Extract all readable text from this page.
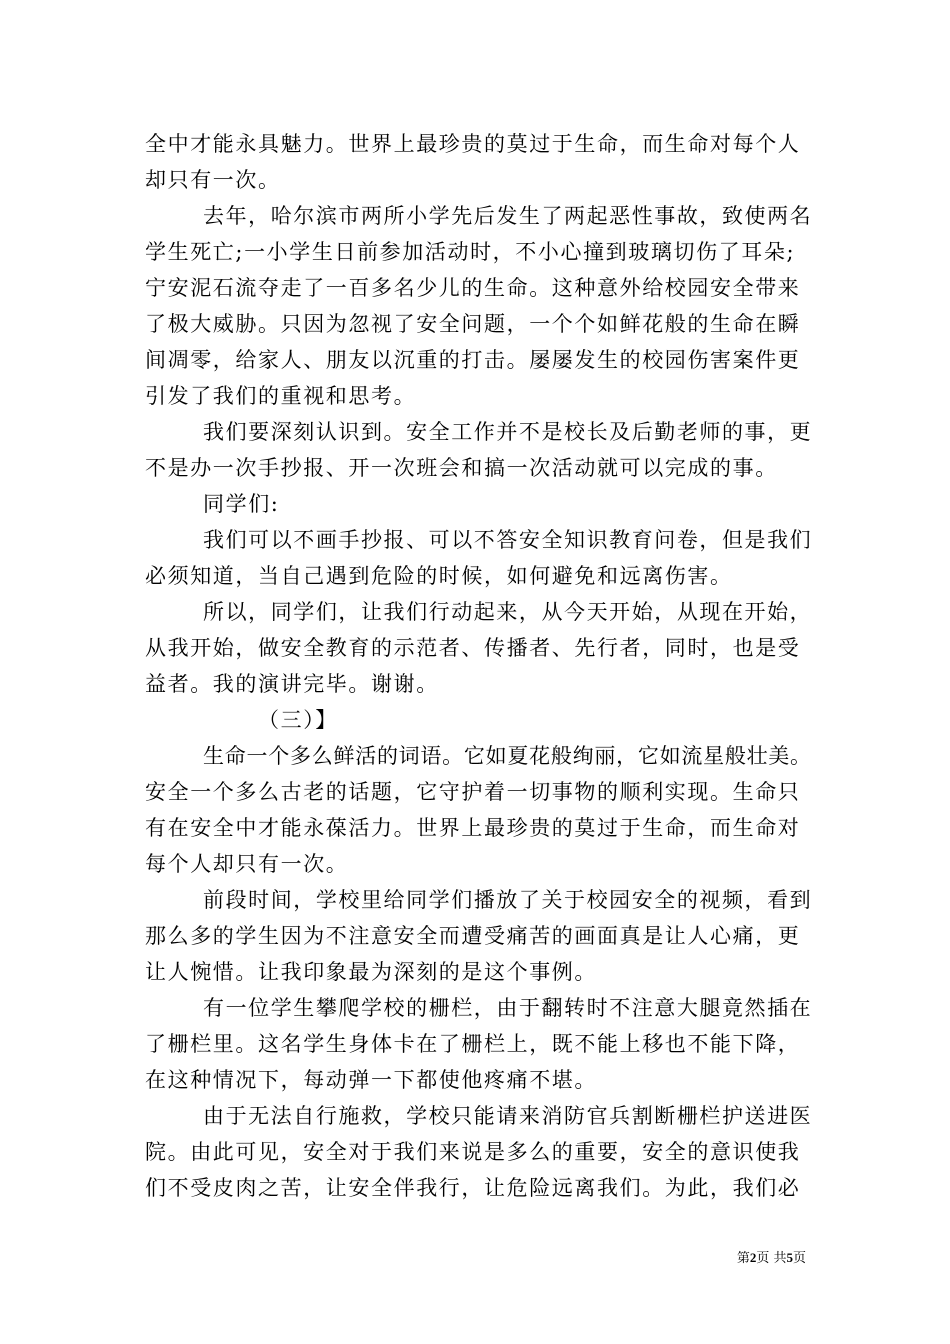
全中才能永具魅力。世界上最珍贵的莫过于生命，而生命对每个人
却只有一次。
去年，哈尔滨市两所小学先后发生了两起恶性事故，致使两名
学生死亡;一小学生日前参加活动时，不小心撞到玻璃切伤了耳朵;
宁安泥石流夺走了一百多名少儿的生命。这种意外给校园安全带来
了极大威胁。只因为忽视了安全问题，一个个如鲜花般的生命在瞬
间凋零，给家人、朋友以沉重的打击。屡屡发生的校园伤害案件更
引发了我们的重视和思考。
我们要深刻认识到。安全工作并不是校长及后勤老师的事，更
不是办一次手抄报、开一次班会和搞一次活动就可以完成的事。
同学们:
我们可以不画手抄报、可以不答安全知识教育问卷，但是我们
必须知道，当自己遇到危险的时候，如何避免和远离伤害。
所以，同学们，让我们行动起来，从今天开始，从现在开始，
从我开始，做安全教育的示范者、传播者、先行者，同时，也是受
益者。我的演讲完毕。谢谢。
（三）】
生命一个多么鲜活的词语。它如夏花般绚丽，它如流星般壮美。
安全一个多么古老的话题，它守护着一切事物的顺利实现。生命只
有在安全中才能永葆活力。世界上最珍贵的莫过于生命，而生命对
每个人却只有一次。
前段时间，学校里给同学们播放了关于校园安全的视频，看到
那么多的学生因为不注意安全而遭受痛苦的画面真是让人心痛，更
让人惋惜。让我印象最为深刻的是这个事例。
有一位学生攀爬学校的栅栏，由于翻转时不注意大腿竟然插在
了栅栏里。这名学生身体卡在了栅栏上，既不能上移也不能下降，
在这种情况下，每动弹一下都使他疼痛不堪。
由于无法自行施救，学校只能请来消防官兵割断栅栏护送进医
院。由此可见，安全对于我们来说是多么的重要，安全的意识使我
们不受皮肉之苦，让安全伴我行，让危险远离我们。为此，我们必
第2页 共5页
